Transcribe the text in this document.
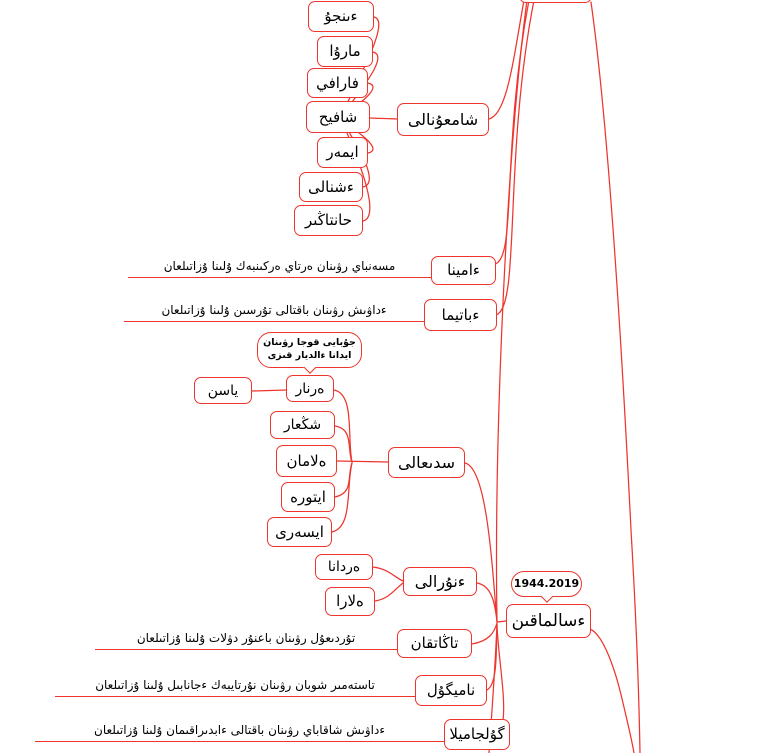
ءىنجۇ
مارۇا
فارافي
شافيح
ايمەر
ءشنالى
حانتاڭىر
شامعۇنالى
مسەنباي رۋىنان ەرتاي ەركىنبەك ۇلىنا ۇزاتىلعان	ءامينا
ءداۋىش رۋىنان باقتالى تۇرسىن ۇلىنا ۇزاتىلعان	ءباتيما
جۇبايى قوجا رۋىنان
ايدانا ءالديار قىزى
ياسن	ەرنار
شڭعار
ەلامان
ايتورە
ايسەرى
سدىعالى
ەردانا
ەلارا
ءنۇرالى	1944.2019
ءسالماقىن
تۇردىعۇل رۋىنان باعنۇر دۋلات ۇلىنا ۇزاتىلعان	تاڭاتقان
تاستەمىر شوبان رۋىنان نۇرتايبەك ءجانابىل ۇلىنا ۇزاتىلعان	ناميگۇل
ءداۋىش شاقاباي رۋىنان باقتالى ءابدىراقىمان ۇلىنا ۇزاتىلعان	گۇلجاميلا
